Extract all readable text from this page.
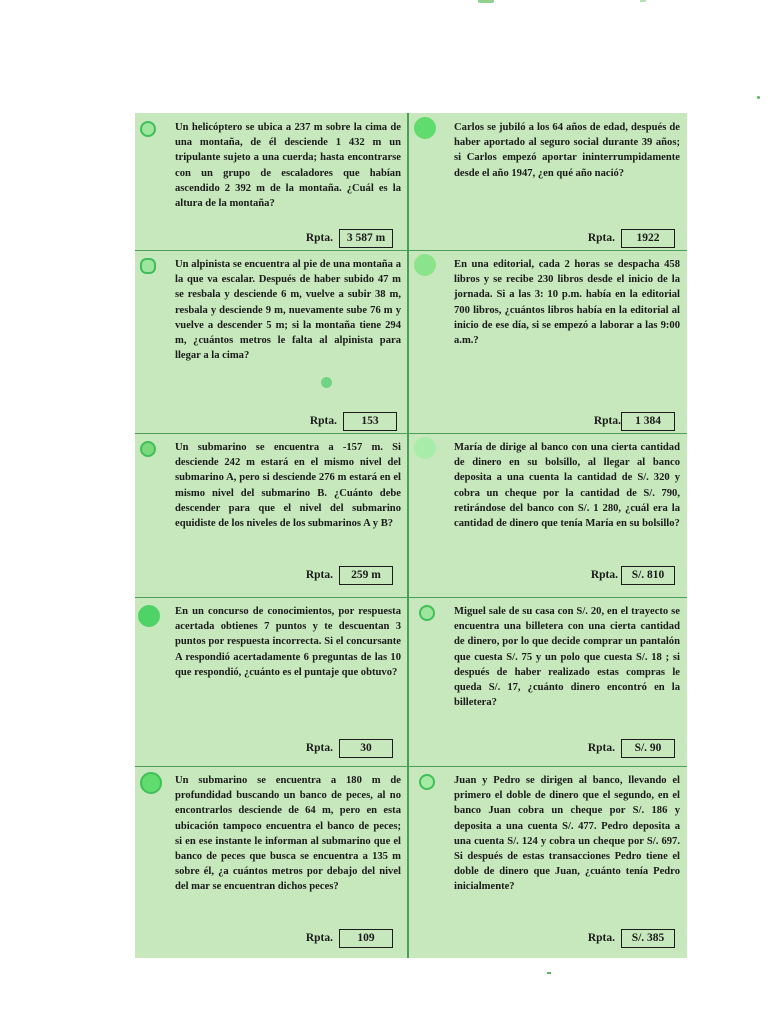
Un helicóptero se ubica a 237 m sobre la cima de una montaña, de él desciende 1 432 m un tripulante sujeto a una cuerda; hasta encontrarse con un grupo de escaladores que habían ascendido 2 392 m de la montaña. ¿Cuál es la altura de la montaña?

Rpta.	3 587 m

Carlos se jubiló a los 64 años de edad, después de haber aportado al seguro social durante 39 años; si Carlos empezó aportar ininterrumpidamente desde el año 1947, ¿en qué año nació?

Rpta.	1922

Un alpinista se encuentra al pie de una montaña a la que va escalar. Después de haber subido 47 m se resbala y desciende 6 m, vuelve a subir 38 m, resbala y desciende 9 m, nuevamente sube 76 m y vuelve a descender 5 m; si la montaña tiene 294 m, ¿cuántos metros le falta al alpinista para llegar a la cima?

Rpta.	153

En una editorial, cada 2 horas se despacha 458 libros y se recibe 230 libros desde el inicio de la jornada. Si a las 3: 10 p.m. había en la editorial 700 libros, ¿cuántos libros había en la editorial al inicio de ese día, si se empezó a laborar a las 9:00 a.m.?

Rpta.	1 384

Un submarino se encuentra a -157 m. Si desciende 242 m estará en el mismo nivel del submarino A, pero si desciende 276 m estará en el mismo nivel del submarino B. ¿Cuánto debe descender para que el nivel del submarino equidiste de los niveles de los submarinos A y B?

Rpta.	259 m

María de dirige al banco con una cierta cantidad de dinero en su bolsillo, al llegar al banco deposita a una cuenta la cantidad de S/. 320 y cobra un cheque por la cantidad de S/. 790, retirándose del banco con S/. 1 280, ¿cuál era la cantidad de dinero que tenía María en su bolsillo?

Rpta.	S/. 810

En un concurso de conocimientos, por respuesta acertada obtienes 7 puntos y te descuentan 3 puntos por respuesta incorrecta. Si el concursante A respondió acertadamente 6 preguntas de las 10 que respondió, ¿cuánto es el puntaje que obtuvo?

Rpta.	30

Miguel sale de su casa con S/. 20, en el trayecto se encuentra una billetera con una cierta cantidad de dinero, por lo que decide comprar un pantalón que cuesta S/. 75 y un polo que cuesta S/. 18 ; si después de haber realizado estas compras le queda S/. 17, ¿cuánto dinero encontró en la billetera?

Rpta.	S/. 90

Un submarino se encuentra a 180 m de profundidad buscando un banco de peces, al no encontrarlos desciende de 64 m, pero en esta ubicación tampoco encuentra el banco de peces; si en ese instante le informan al submarino que el banco de peces que busca se encuentra a 135 m sobre él, ¿a cuántos metros por debajo del nivel del mar se encuentran dichos peces?

Rpta.	109

Juan y Pedro se dirigen al banco, llevando el primero el doble de dinero que el segundo, en el banco Juan cobra un cheque por S/. 186 y deposita a una cuenta S/. 477. Pedro deposita a una cuenta S/. 124 y cobra un cheque por S/. 697. Si después de estas transacciones Pedro tiene el doble de dinero que Juan, ¿cuánto tenía Pedro inicialmente?

Rpta.	S/. 385
